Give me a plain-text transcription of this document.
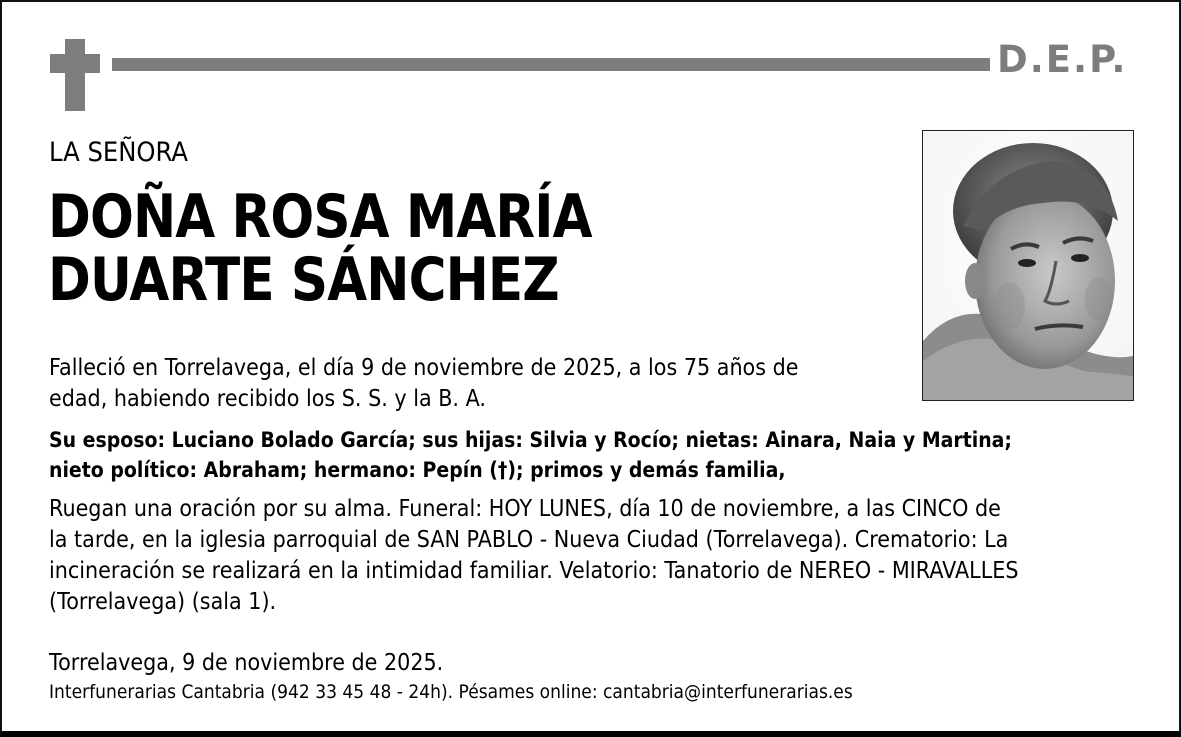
D.E.P.
LA SEÑORA
DOÑA ROSA MARÍA
DUARTE SÁNCHEZ
Falleció en Torrelavega, el día 9 de noviembre de 2025, a los 75 años de
edad, habiendo recibido los S. S. y la B. A.
Su esposo: Luciano Bolado García; sus hijas: Silvia y Rocío; nietas: Ainara, Naia y Martina;
nieto político: Abraham; hermano: Pepín (†); primos y demás familia,
Ruegan una oración por su alma. Funeral: HOY LUNES, día 10 de noviembre, a las CINCO de
la tarde, en la iglesia parroquial de SAN PABLO - Nueva Ciudad (Torrelavega). Crematorio: La
incineración se realizará en la intimidad familiar. Velatorio: Tanatorio de NEREO - MIRAVALLES
(Torrelavega) (sala 1).
Torrelavega, 9 de noviembre de 2025.
Interfunerarias Cantabria (942 33 45 48 - 24h). Pésames online: cantabria@interfunerarias.es
